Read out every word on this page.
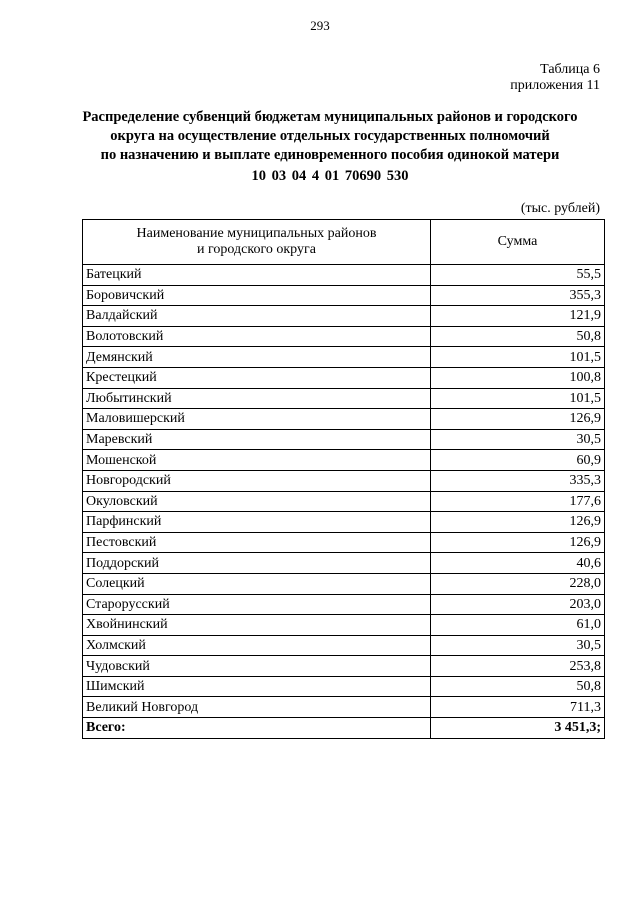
293
Таблица 6
приложения 11
Распределение субвенций бюджетам муниципальных районов и городского
округа на осуществление отдельных государственных полномочий
по назначению и выплате единовременного пособия одинокой матери
10 03 04 4 01 70690 530
(тыс. рублей)
Наименование муниципальных районов
и городского округа	Сумма
Батецкий	55,5
Боровичский	355,3
Валдайский	121,9
Волотовский	50,8
Демянский	101,5
Крестецкий	100,8
Любытинский	101,5
Маловишерский	126,9
Маревский	30,5
Мошенской	60,9
Новгородский	335,3
Окуловский	177,6
Парфинский	126,9
Пестовский	126,9
Поддорский	40,6
Солецкий	228,0
Старорусский	203,0
Хвойнинский	61,0
Холмский	30,5
Чудовский	253,8
Шимский	50,8
Великий Новгород	711,3
Всего:	3 451,3;
